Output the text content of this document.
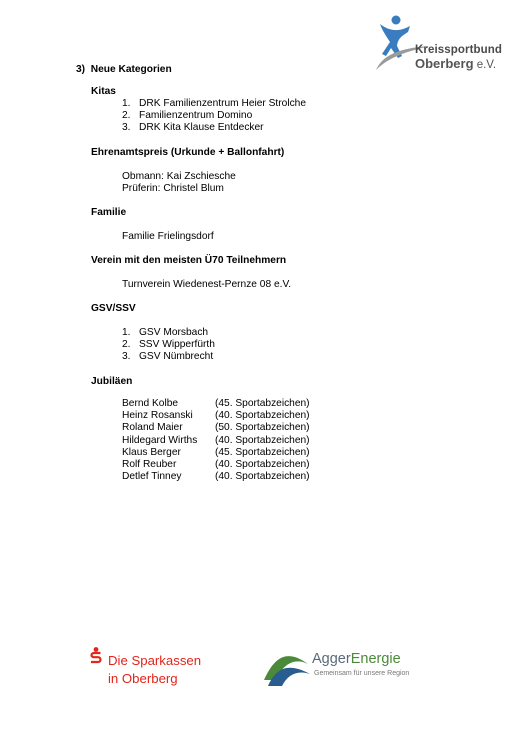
Kreissportbund
Oberberg e.V.
3)  Neue Kategorien
Kitas
1. DRK Familienzentrum Heier Strolche
2. Familienzentrum Domino
3. DRK Kita Klause Entdecker
Ehrenamtspreis (Urkunde + Ballonfahrt)
Obmann: Kai Zschiesche
Prüferin: Christel Blum
Familie
Familie Frielingsdorf
Verein mit den meisten Ü70 Teilnehmern
Turnverein Wiedenest-Pernze 08 e.V.
GSV/SSV
1. GSV Morsbach
2. SSV Wipperfürth
3. GSV Nümbrecht
Jubiläen
Bernd Kolbe	(45. Sportabzeichen)
Heinz Rosanski	(40. Sportabzeichen)
Roland Maier	(50. Sportabzeichen)
Hildegard Wirths	(40. Sportabzeichen)
Klaus Berger	(45. Sportabzeichen)
Rolf Reuber	(40. Sportabzeichen)
Detlef Tinney	(40. Sportabzeichen)
Die Sparkassen
in Oberberg
AggerEnergie
Gemeinsam für unsere Region
